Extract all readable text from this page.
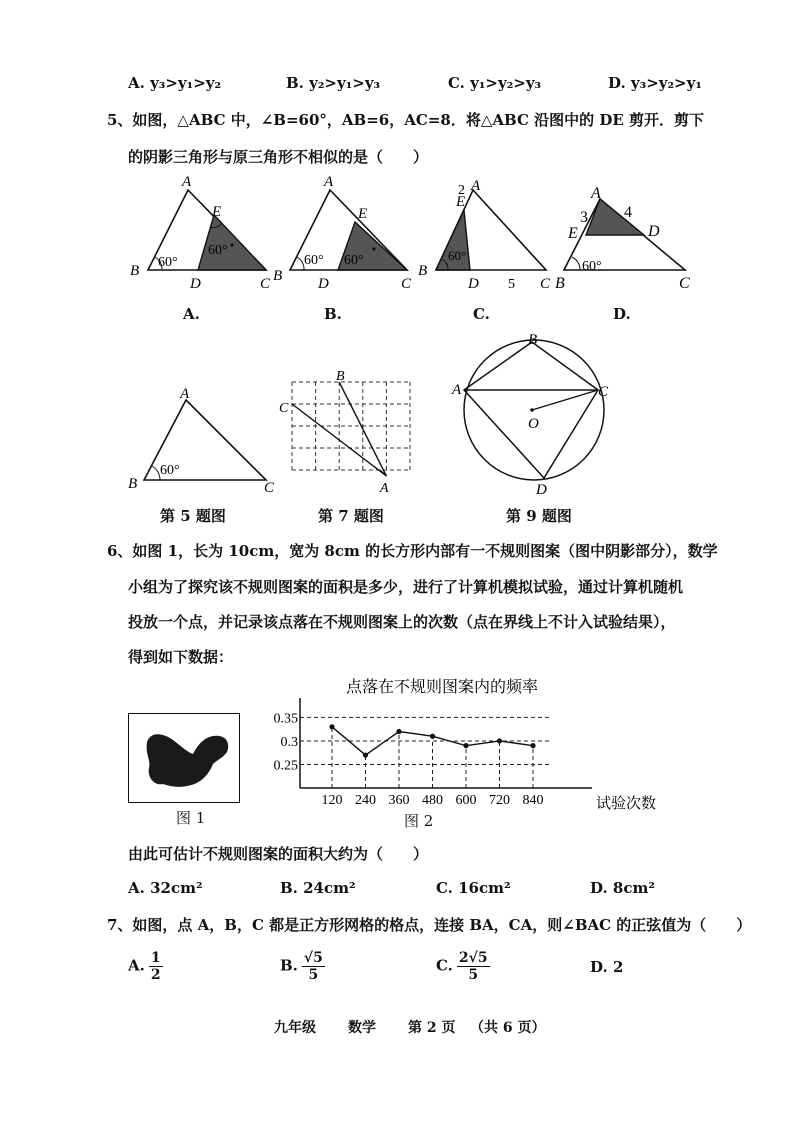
A. y₃>y₁>y₂	B. y₂>y₁>y₃	C. y₁>y₂>y₃	D. y₃>y₂>y₁
5、如图，△ABC 中，∠B=60°，AB=6，AC=8．将△ABC 沿图中的 DE 剪开．剪下
的阴影三角形与原三角形不相似的是（　　）
A
B
C
D
E
60°
60°
A
B	C
D
E
60° 60°
A
E
2
B
D	C
5
60°
A
3 4
E	D
B	C
60°
A.	B.	C.	D.
A
B	C
60°
B
C
A
B
A	C
O
D
第 5 题图	第 7 题图	第 9 题图
6、如图 1，长为 10cm，宽为 8cm 的长方形内部有一不规则图案（图中阴影部分），数学
小组为了探究该不规则图案的面积是多少，进行了计算机模拟试验，通过计算机随机
投放一个点，并记录该点落在不规则图案上的次数（点在界线上不计入试验结果），
得到如下数据：
图 1
点落在不规则图案内的频率
0.35
0.3
0.25
120 240 360 480 600 720 840	试验次数
图 2
由此可估计不规则图案的面积大约为（　　）
A. 32cm²	B. 24cm²	C. 16cm²	D. 8cm²
7、如图，点 A，B，C 都是正方形网格的格点，连接 BA，CA，则∠BAC 的正弦值为（　　）
A. $\frac{1}{2}$	B. $\frac{√5}{5}$	C. $\frac{2√5}{5}$	D. 2
九年级 数学 第 2 页 （共 6 页）
